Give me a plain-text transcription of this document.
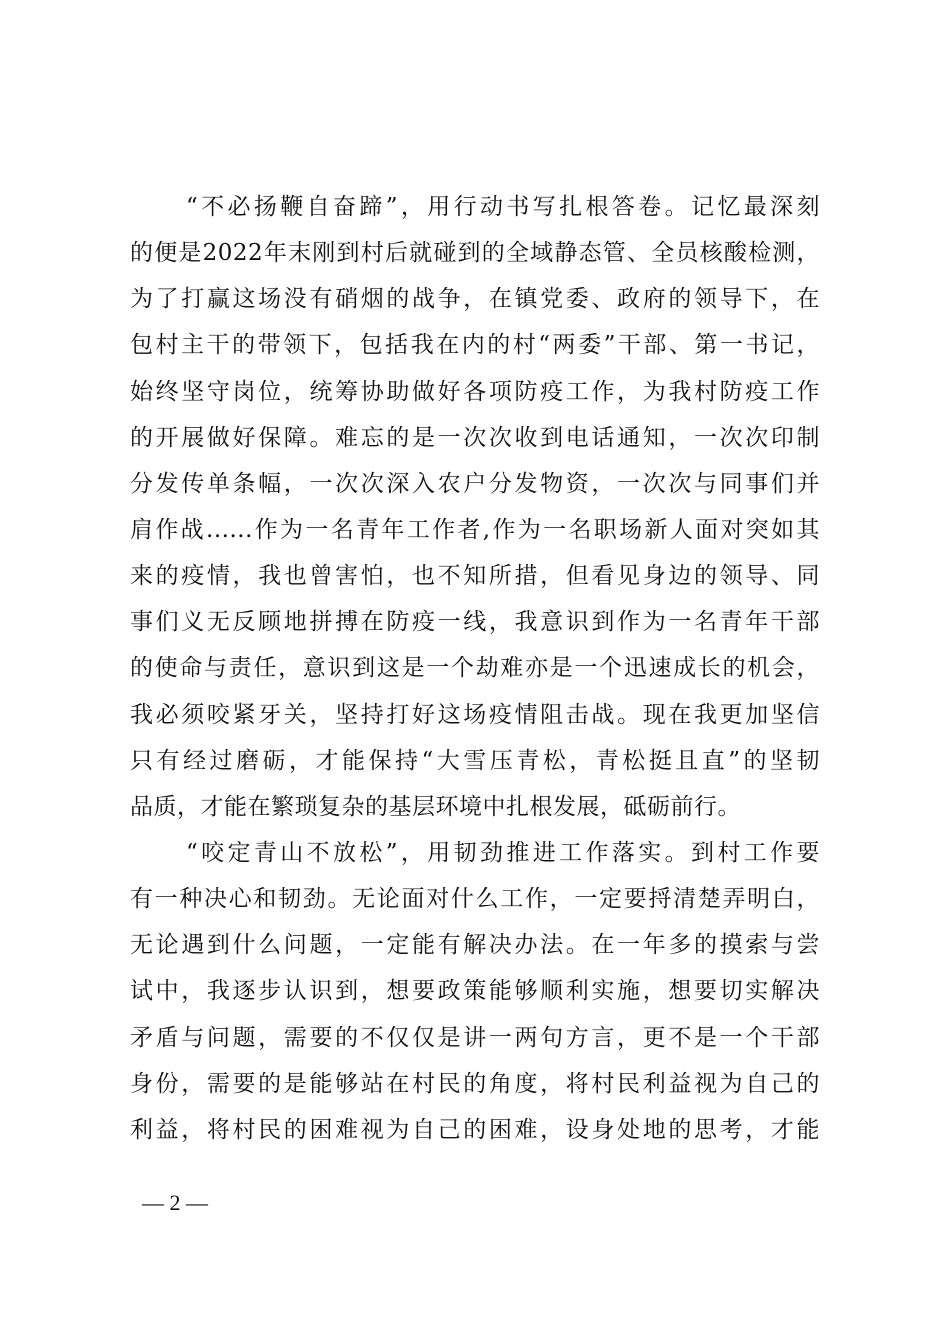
“不必扬鞭自奋蹄”，用行动书写扎根答卷。记忆最深刻
的便是2022年末刚到村后就碰到的全域静态管、全员核酸检测，
为了打赢这场没有硝烟的战争，在镇党委、政府的领导下，在
包村主干的带领下，包括我在内的村“两委”干部、第一书记，
始终坚守岗位，统筹协助做好各项防疫工作，为我村防疫工作
的开展做好保障。难忘的是一次次收到电话通知，一次次印制
分发传单条幅，一次次深入农户分发物资，一次次与同事们并
肩作战......作为一名青年工作者,作为一名职场新人面对突如其
来的疫情，我也曾害怕，也不知所措，但看见身边的领导、同
事们义无反顾地拼搏在防疫一线，我意识到作为一名青年干部
的使命与责任，意识到这是一个劫难亦是一个迅速成长的机会，
我必须咬紧牙关，坚持打好这场疫情阻击战。现在我更加坚信
只有经过磨砺，才能保持“大雪压青松，青松挺且直”的坚韧
品质，才能在繁琐复杂的基层环境中扎根发展，砥砺前行。
“咬定青山不放松”，用韧劲推进工作落实。到村工作要
有一种决心和韧劲。无论面对什么工作，一定要捋清楚弄明白，
无论遇到什么问题，一定能有解决办法。在一年多的摸索与尝
试中，我逐步认识到，想要政策能够顺利实施，想要切实解决
矛盾与问题，需要的不仅仅是讲一两句方言，更不是一个干部
身份，需要的是能够站在村民的角度，将村民利益视为自己的
利益，将村民的困难视为自己的困难，设身处地的思考，才能
— 2 —
